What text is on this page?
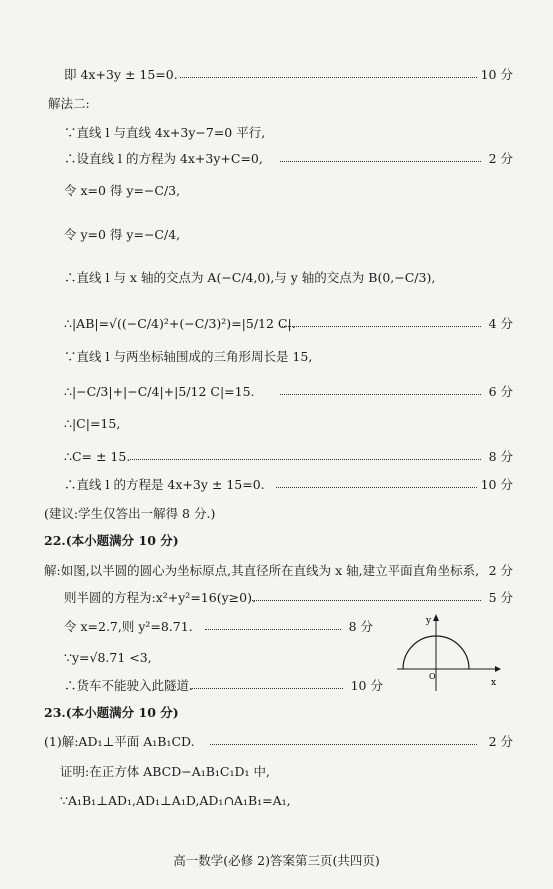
即 4x+3y ± 15=0.	10 分
解法二:
∵直线 l 与直线 4x+3y−7=0 平行,
∴设直线 l 的方程为 4x+3y+C=0,	2 分
令 x=0 得 y=−C/3,
令 y=0 得 y=−C/4,
∴直线 l 与 x 轴的交点为 A(−C/4,0),与 y 轴的交点为 B(0,−C/3),
∴|AB|=√((−C/4)²+(−C/3)²)=|5/12 C|.	4 分
∵直线 l 与两坐标轴围成的三角形周长是 15,
∴|−C/3|+|−C/4|+|5/12 C|=15.	6 分
∴|C|=15,
∴C= ± 15.	8 分
∴直线 l 的方程是 4x+3y ± 15=0.	10 分
(建议:学生仅答出一解得 8 分.)
22.(本小题满分 10 分)
解:如图,以半圆的圆心为坐标原点,其直径所在直线为 x 轴,建立平面直角坐标系, 2 分
则半圆的方程为:x²+y²=16(y≥0).	5 分
令 x=2.7,则 y²=8.71.	8 分
∵y=√8.71 <3,
∴货车不能驶入此隧道.	10 分
23.(本小题满分 10 分)
(1)解:AD₁⊥平面 A₁B₁CD.	2 分
证明:在正方体 ABCD−A₁B₁C₁D₁ 中,
∵A₁B₁⊥AD₁,AD₁⊥A₁D,AD₁∩A₁B₁=A₁,
y
x
O
高一数学(必修 2)答案第三页(共四页)
